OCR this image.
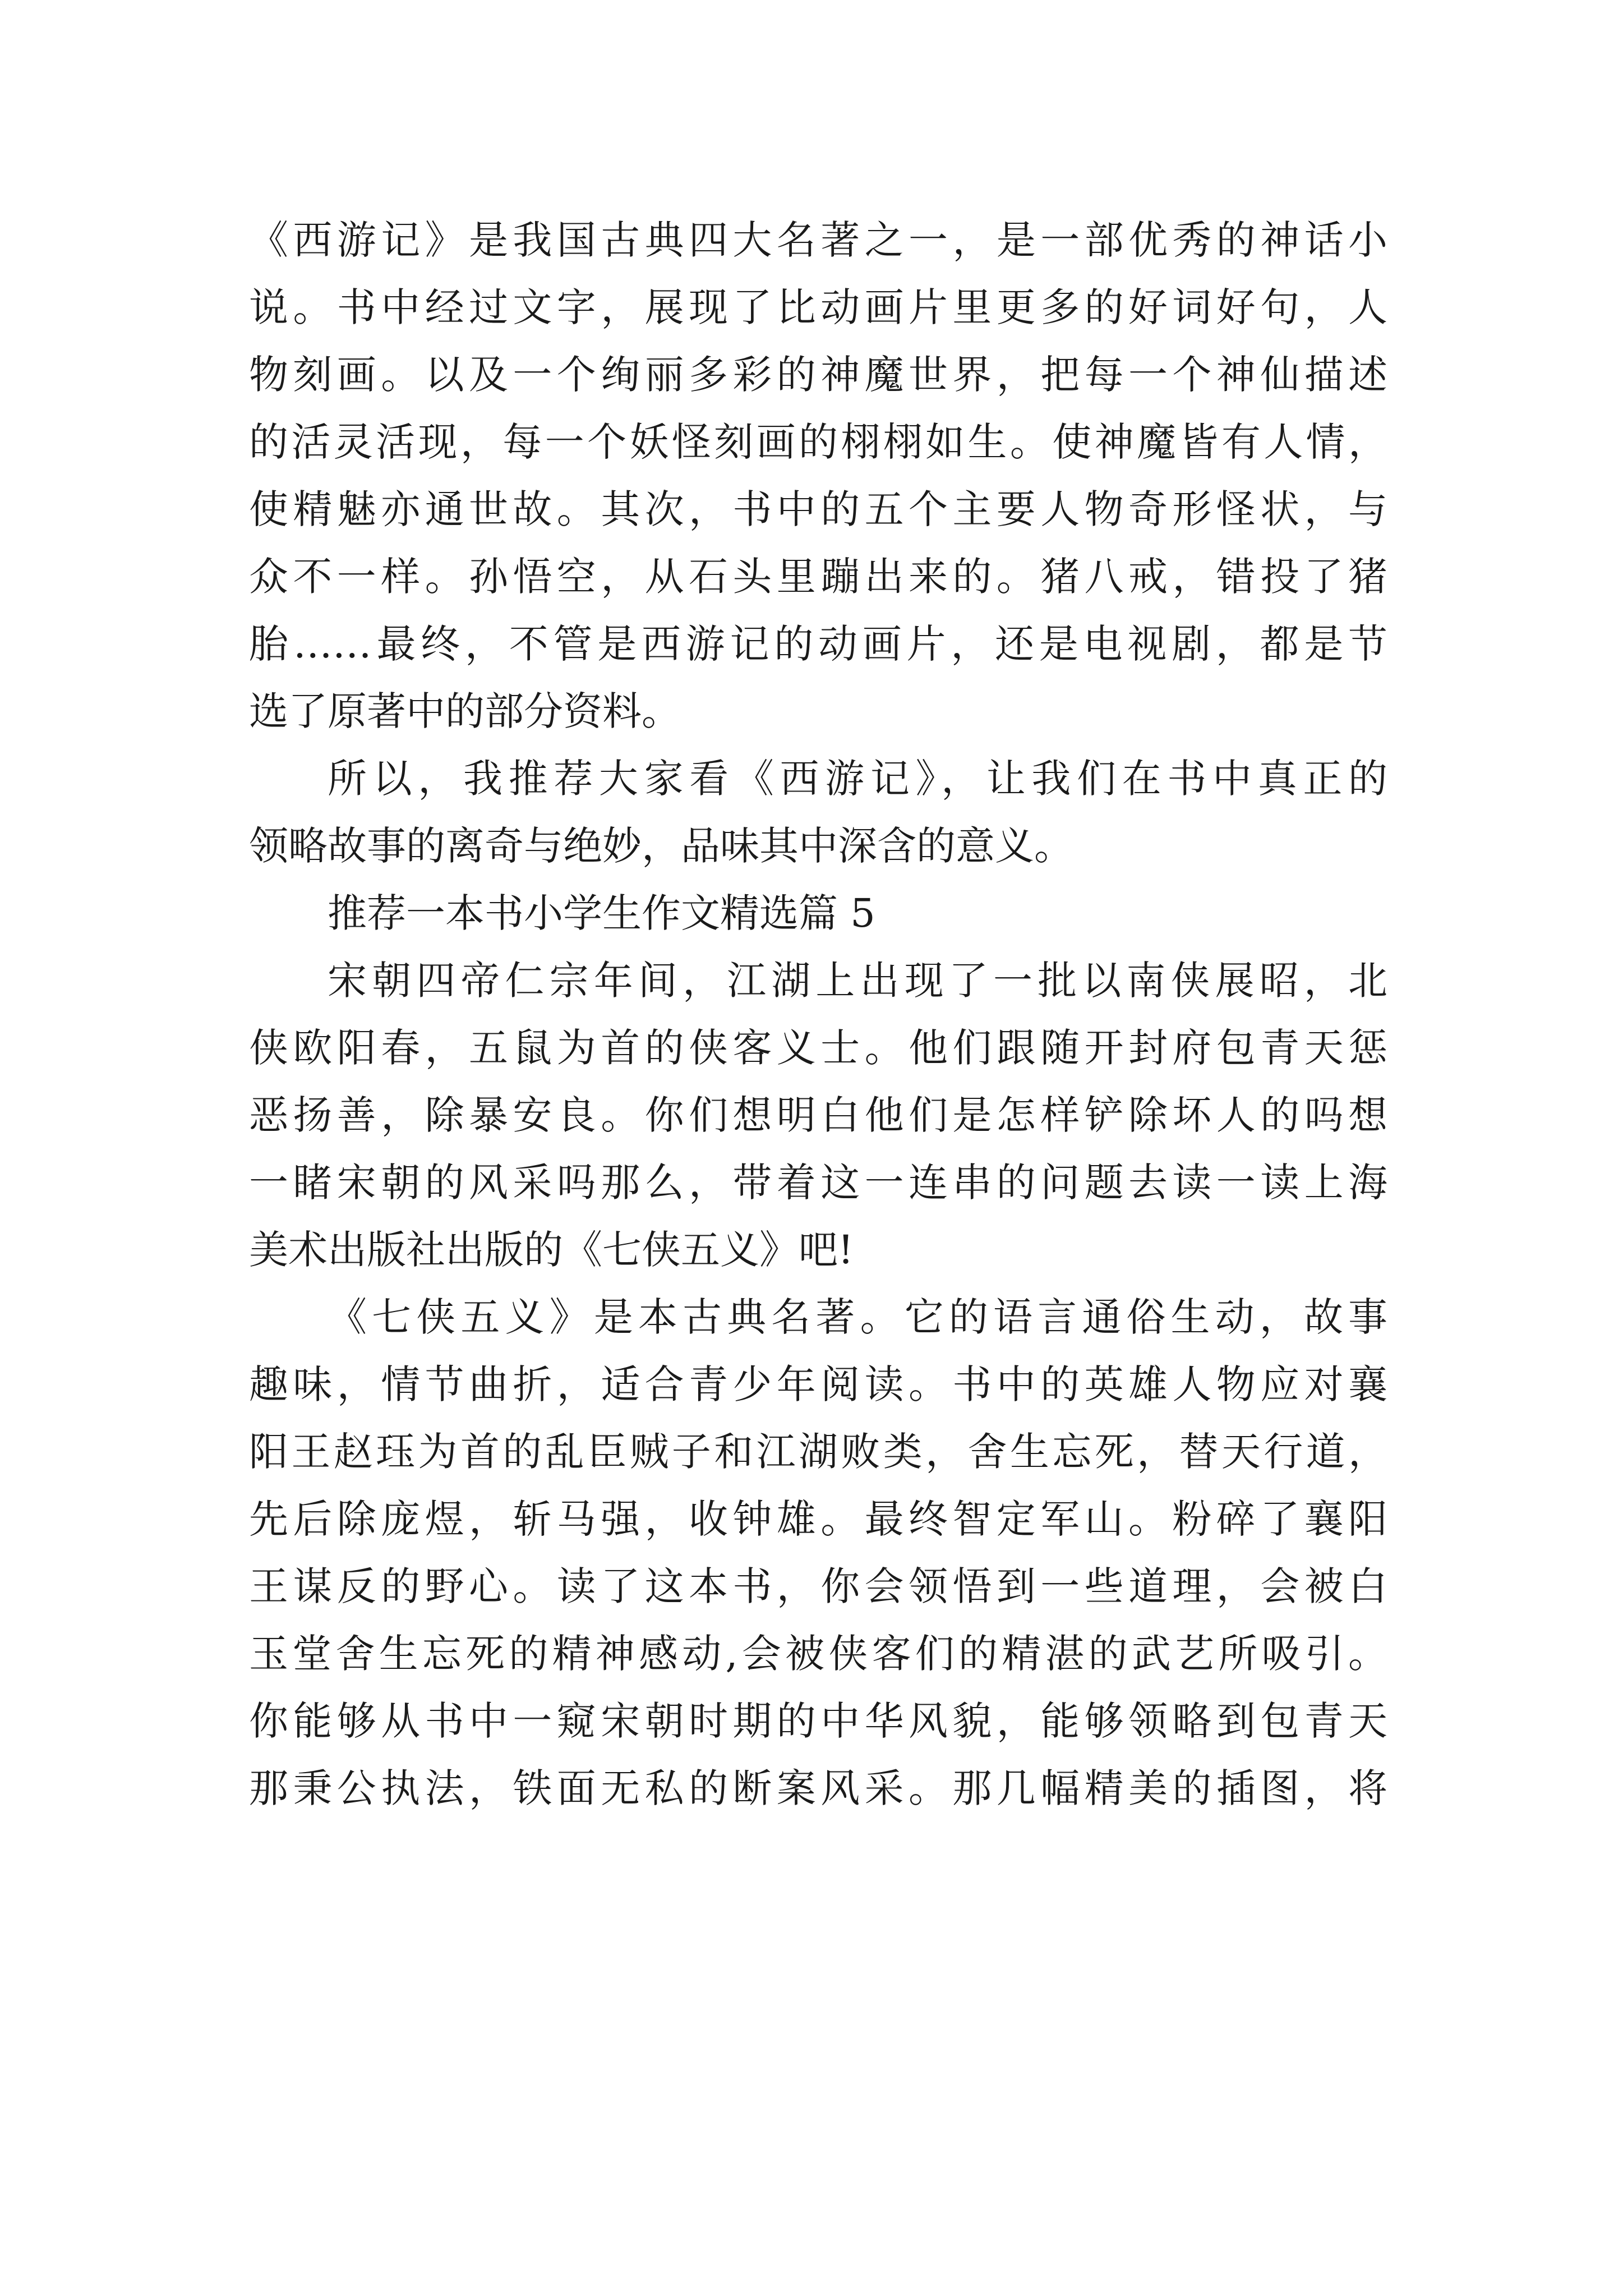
《西游记》是我国古典四大名著之一，是一部优秀的神话小
说。书中经过文字，展现了比动画片里更多的好词好句，人
物刻画。以及一个绚丽多彩的神魔世界，把每一个神仙描述
的活灵活现，每一个妖怪刻画的栩栩如生。使神魔皆有人情，
使精魅亦通世故。其次，书中的五个主要人物奇形怪状，与
众不一样。孙悟空，从石头里蹦出来的。猪八戒，错投了猪
胎……最终，不管是西游记的动画片，还是电视剧，都是节
选了原著中的部分资料。
所以，我推荐大家看《西游记》，让我们在书中真正的
领略故事的离奇与绝妙，品味其中深含的意义。
推荐一本书小学生作文精选篇 5
宋朝四帝仁宗年间，江湖上出现了一批以南侠展昭，北
侠欧阳春，五鼠为首的侠客义士。他们跟随开封府包青天惩
恶扬善，除暴安良。你们想明白他们是怎样铲除坏人的吗想
一睹宋朝的风采吗那么，带着这一连串的问题去读一读上海
美术出版社出版的《七侠五义》吧!
《七侠五义》是本古典名著。它的语言通俗生动，故事
趣味，情节曲折，适合青少年阅读。书中的英雄人物应对襄
阳王赵珏为首的乱臣贼子和江湖败类，舍生忘死，替天行道，
先后除庞煜，斩马强，收钟雄。最终智定军山。粉碎了襄阳
王谋反的野心。读了这本书，你会领悟到一些道理，会被白
玉堂舍生忘死的精神感动,会被侠客们的精湛的武艺所吸引。
你能够从书中一窥宋朝时期的中华风貌，能够领略到包青天
那秉公执法，铁面无私的断案风采。那几幅精美的插图，将
